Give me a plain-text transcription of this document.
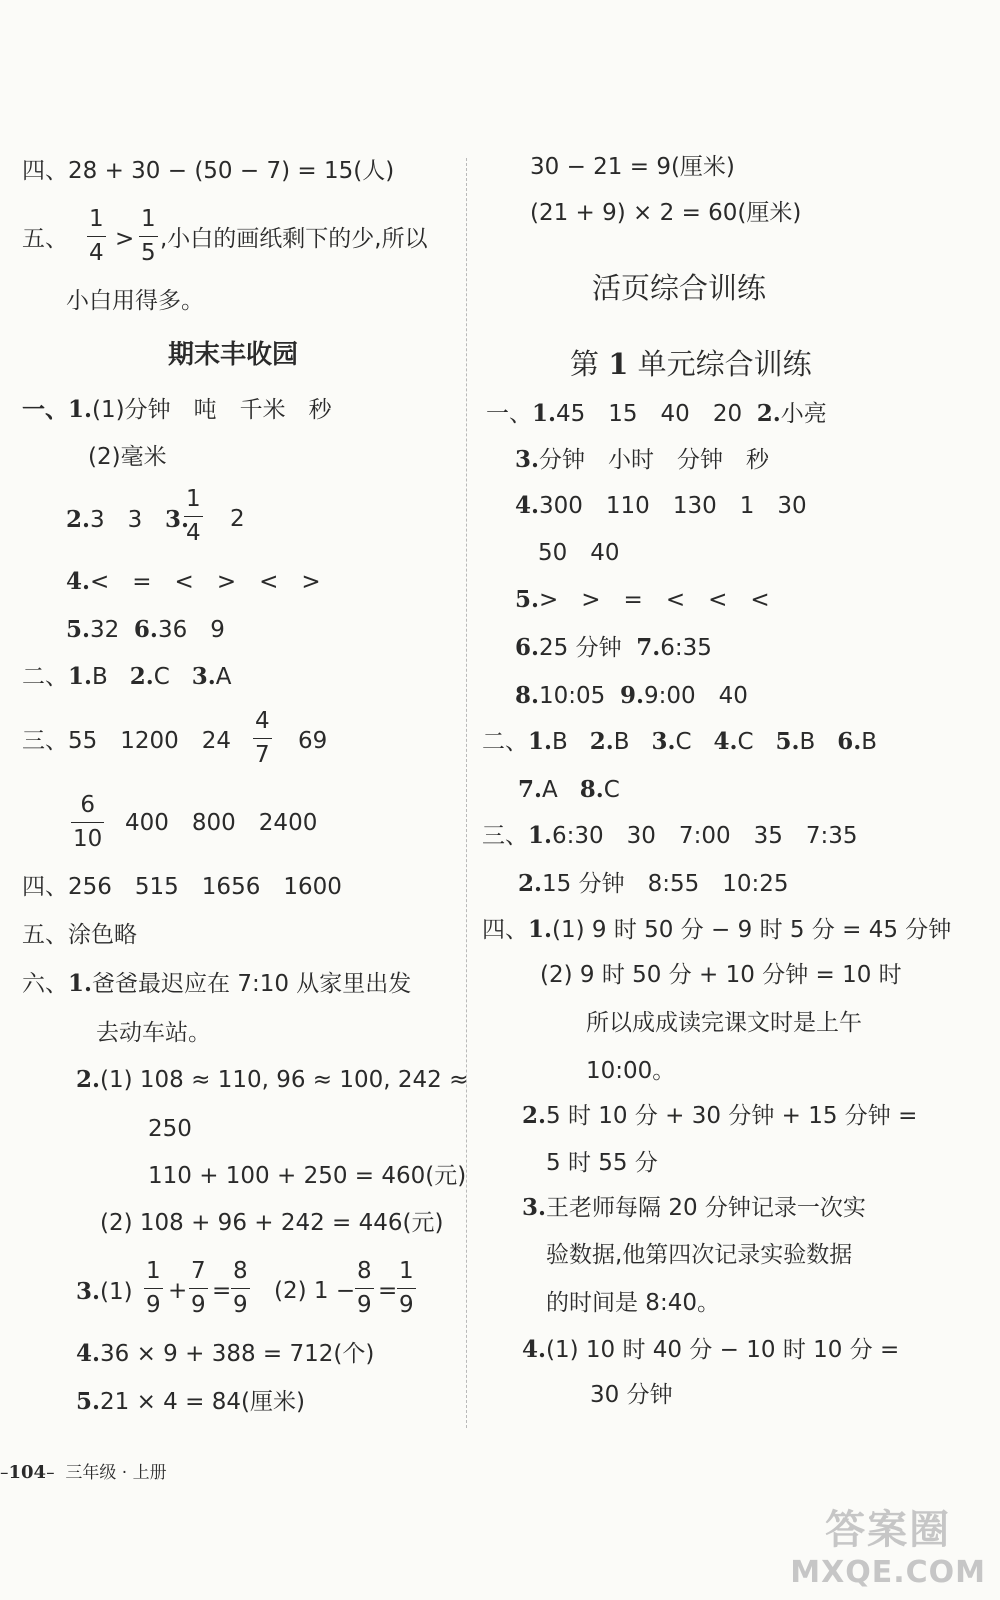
四、28 + 30 − (50 − 7) = 15(人)
五、
1
4
>
1
5
,小白的画纸剩下的少,所以
小白用得多。
期末丰收园
一、1.(1)分钟　吨　千米　秒
(2)毫米
2.3　3 3.
1
4
2
4.<　=　<　>　<　>
5.32 6.36　9
二、1.B 2.C 3.A
三、55　1200　24
4
7
69
6
10
400　800　2400
四、256　515　1656　1600
五、涂色略
六、1.爸爸最迟应在 7:10 从家里出发
去动车站。
2.(1) 108 ≈ 110, 96 ≈ 100, 242 ≈
250
110 + 100 + 250 = 460(元)
(2) 108 + 96 + 242 = 446(元)
3.(1)
1
9
+
7
9
=
8
9
(2) 1 −
8
9
=
1
9
4.36 × 9 + 388 = 712(个)
5.21 × 4 = 84(厘米)
30 − 21 = 9(厘米)
(21 + 9) × 2 = 60(厘米)
活页综合训练
第 1 单元综合训练
一、1.45　15　40　20 2.小亮
3.分钟　小时　分钟　秒
4.300　110　130　1　30
50　40
5.>　>　=　<　<　<
6.25 分钟 7.6:35
8.10:05 9.9:00　40
二、1.B 2.B 3.C 4.C 5.B 6.B
7.A 8.C
三、1.6:30　30　7:00　35　7:35
2.15 分钟　8:55　10:25
四、1.(1) 9 时 50 分 − 9 时 5 分 = 45 分钟
(2) 9 时 50 分 + 10 分钟 = 10 时
所以成成读完课文时是上午
10:00。
2.5 时 10 分 + 30 分钟 + 15 分钟 =
5 时 55 分
3.王老师每隔 20 分钟记录一次实
验数据,他第四次记录实验数据
的时间是 8:40。
4.(1) 10 时 40 分 − 10 时 10 分 =
30 分钟
–104– 三年级 · 上册
答案圈
MXQE.COM
